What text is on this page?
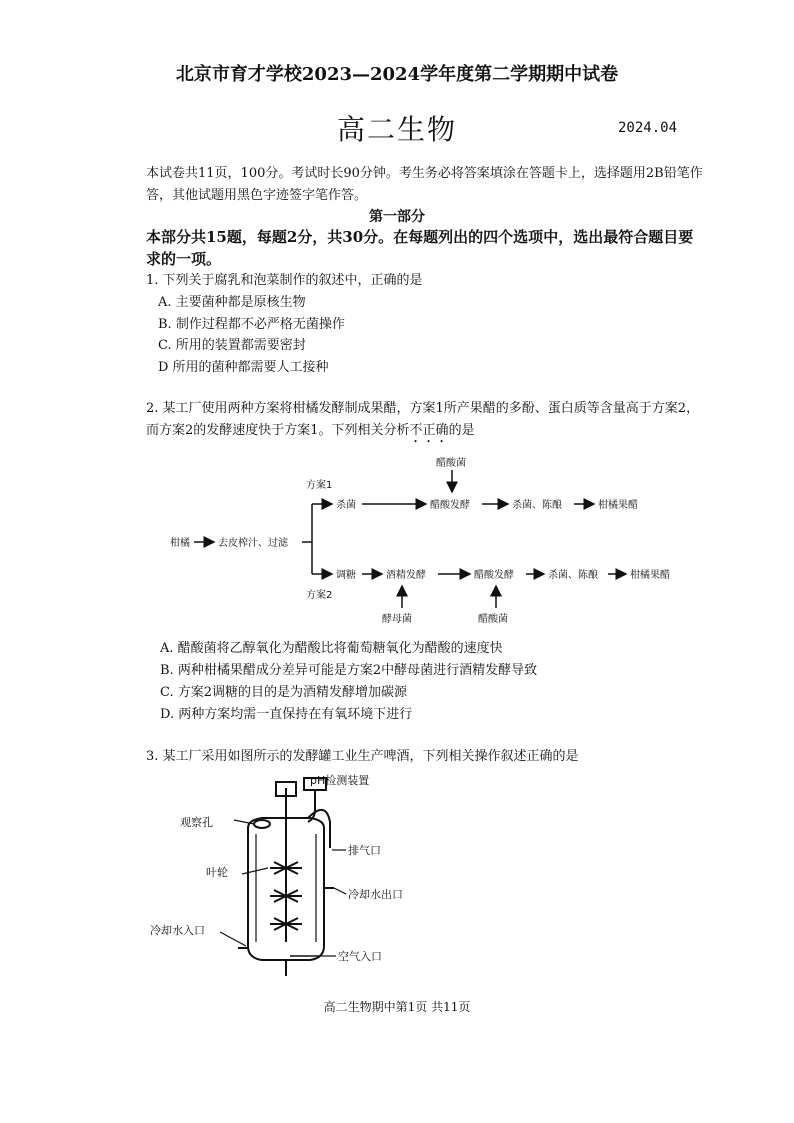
北京市育才学校2023—2024学年度第二学期期中试卷
高二生物	2024.04
本试卷共11页，100分。考试时长90分钟。考生务必将答案填涂在答题卡上，选择题用2B铅笔作答，其他试题用黑色字迹签字笔作答。
第一部分
本部分共15题，每题2分，共30分。在每题列出的四个选项中，选出最符合题目要求的一项。
1. 下列关于腐乳和泡菜制作的叙述中，正确的是
A. 主要菌种都是原核生物
B. 制作过程都不必严格无菌操作
C. 所用的装置都需要密封
D 所用的菌种都需要人工接种
2. 某工厂使用两种方案将柑橘发酵制成果醋，方案1所产果醋的多酚、蛋白质等含量高于方案2，而方案2的发酵速度快于方案1。下列相关分析不正确的是
柑橘	去皮榨汁、过滤
方案1
杀菌	醋酸发酵
醋酸菌
杀菌、陈酿	柑橘果醋
方案2
调糖	酒精发酵
酵母菌
醋酸发酵
醋酸菌
杀菌、陈酿	柑橘果醋
A. 醋酸菌将乙醇氧化为醋酸比将葡萄糖氧化为醋酸的速度快
B. 两种柑橘果醋成分差异可能是方案2中酵母菌进行酒精发酵导致
C. 方案2调糖的目的是为酒精发酵增加碳源
D. 两种方案均需一直保持在有氧环境下进行
3. 某工厂采用如图所示的发酵罐工业生产啤酒，下列相关操作叙述正确的是
pH检测装置
观察孔
排气口
叶轮
冷却水出口
冷却水入口
空气入口
高二生物期中第1页 共11页
